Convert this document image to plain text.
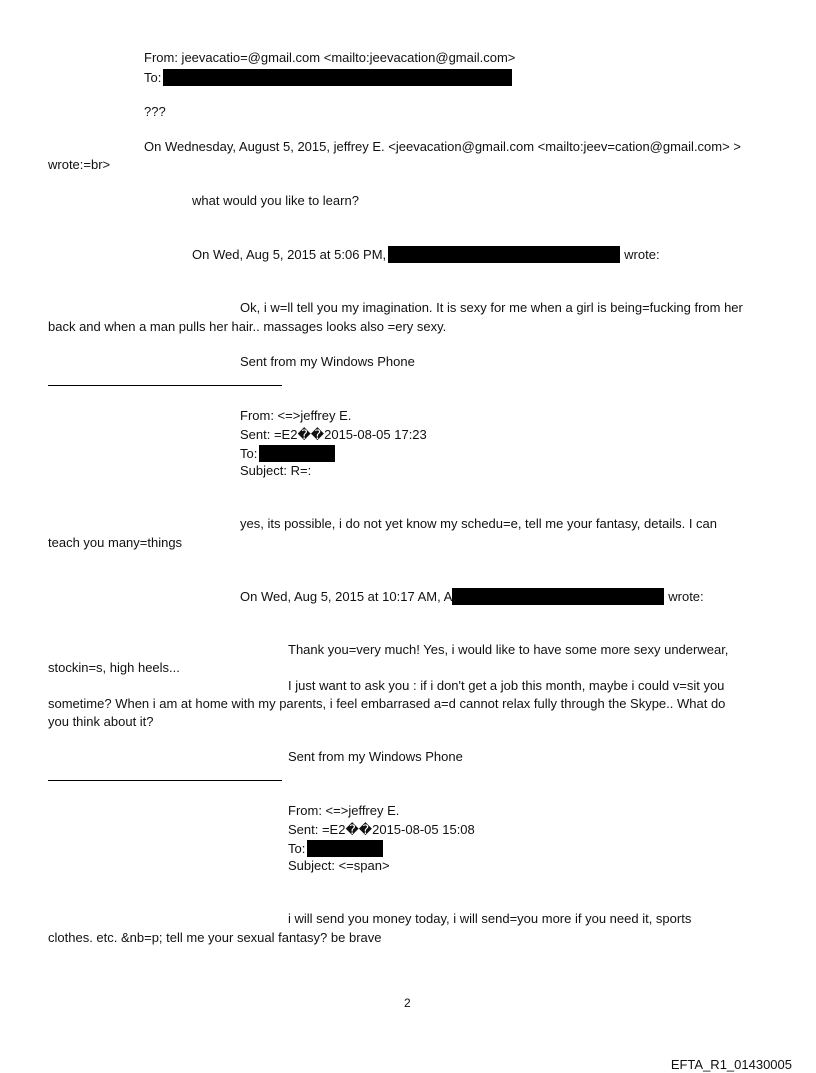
From: jeevacatio=@gmail.com <mailto:jeevacation@gmail.com>
To:
???
On Wednesday, August 5, 2015, jeffrey E. <jeevacation@gmail.com <mailto:jeev=cation@gmail.com> >
wrote:=br>
what would you like to learn?
On Wed, Aug 5, 2015 at 5:06 PM,	wrote:
Ok, i w=ll tell you my imagination. It is sexy for me when a girl is being=fucking from her
back and when a man pulls her hair.. massages looks also =ery sexy.
Sent from my Windows Phone
From: <=>jeffrey E.
Sent: =E2��2015-08-05 17:23
To:
Subject: R=:
yes, its possible, i do not yet know my schedu=e, tell me your fantasy, details. I can
teach you many=things
On Wed, Aug 5, 2015 at 10:17 AM, A	wrote:
Thank you=very much! Yes, i would like to have some more sexy underwear,
stockin=s, high heels...
I just want to ask you : if i don't get a job this month, maybe i could v=sit you
sometime? When i am at home with my parents, i feel embarrased a=d cannot relax fully through the Skype.. What do
you think about it?
Sent from my Windows Phone
From: <=>jeffrey E.
Sent: =E2��2015-08-05 15:08
To:
Subject: <=span>
i will send you money today, i will send=you more if you need it, sports
clothes. etc. &nb=p; tell me your sexual fantasy? be brave
2
EFTA_R1_01430005
